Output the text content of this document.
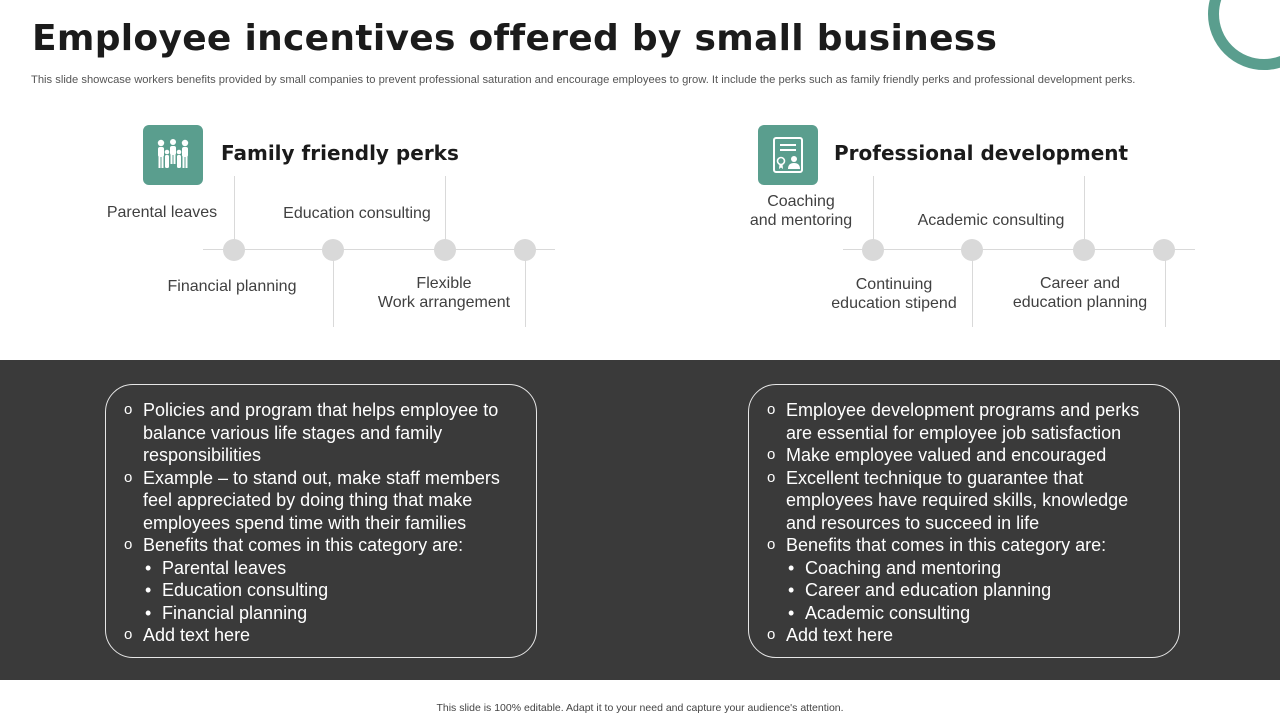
Employee incentives offered by small business

This slide showcase workers benefits provided by small companies to prevent professional saturation and encourage employees to grow. It include the perks such as family friendly perks and professional development perks.

Family friendly perks
Parental leaves	Education consulting
Financial planning	Flexible
Work arrangement
Professional development
Coaching
and mentoring	Academic consulting
Continuing
education stipend
Career and
education planning
o Policies and program that helps employee to balance various life stages and family responsibilities
o Example – to stand out, make staff members feel appreciated by doing thing that make employees spend time with their families
o Benefits that comes in this category are:
• Parental leaves
• Education consulting
• Financial planning
o Add text here
o Employee development programs and perks are essential for employee job satisfaction
o Make employee valued and encouraged
o Excellent technique to guarantee that employees have required skills, knowledge and resources to succeed in life
o Benefits that comes in this category are:
• Coaching and mentoring
• Career and education planning
• Academic consulting
o Add text here
This slide is 100% editable. Adapt it to your need and capture your audience's attention.
